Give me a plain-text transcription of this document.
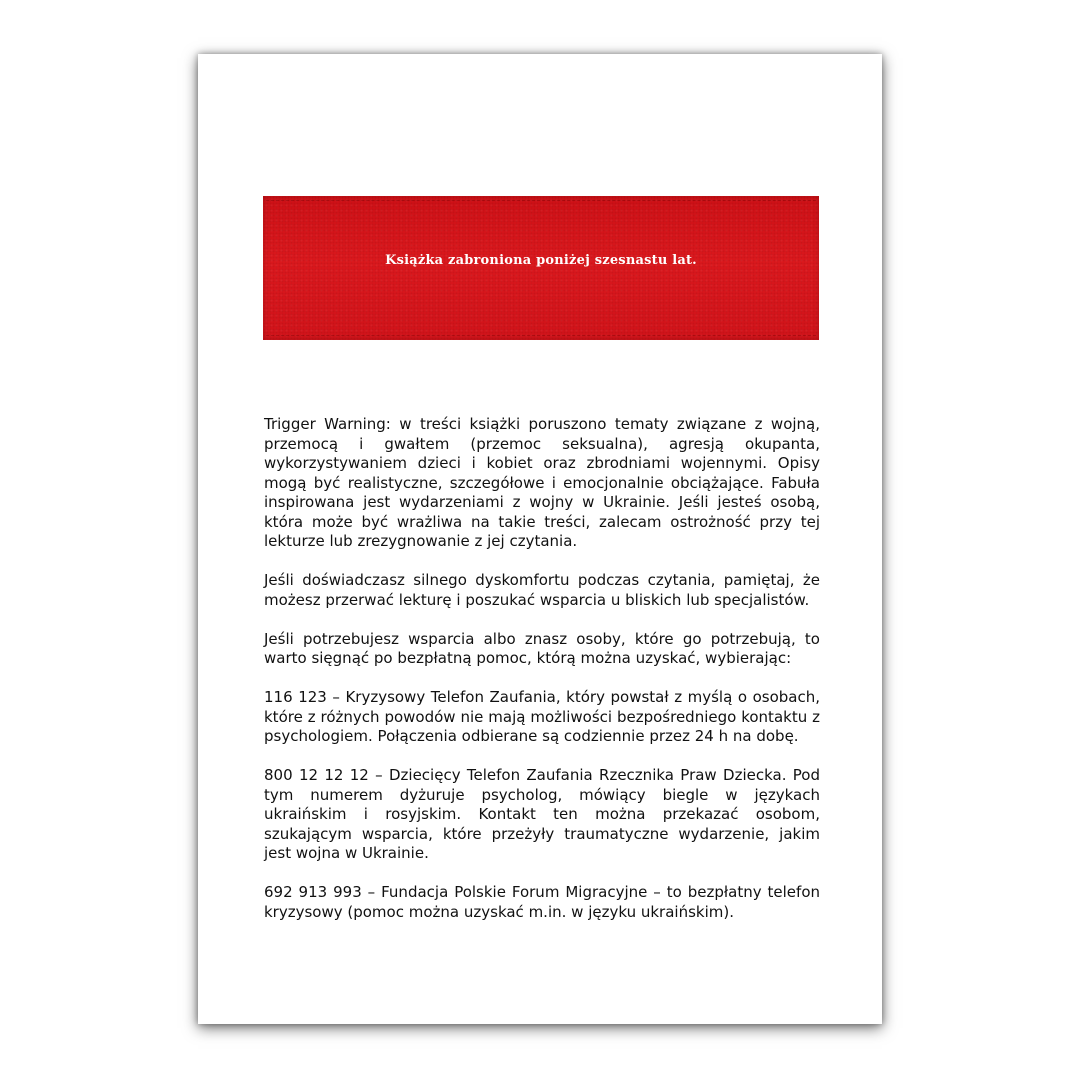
Książka zabroniona poniżej szesnastu lat.

Trigger Warning: w treści książki poruszono tematy związane z wojną, przemocą i gwałtem (przemoc seksualna), agresją okupanta, wykorzystywaniem dzieci i kobiet oraz zbrodniami wojennymi. Opisy mogą być realistyczne, szczegółowe i emocjonalnie obciążające. Fabuła inspirowana jest wydarzeniami z wojny w Ukrainie. Jeśli jesteś osobą, która może być wrażliwa na takie treści, zalecam ostrożność przy tej lekturze lub zrezygnowanie z jej czytania.

Jeśli doświadczasz silnego dyskomfortu podczas czytania, pamiętaj, że możesz przerwać lekturę i poszukać wsparcia u bliskich lub specjalistów.

Jeśli potrzebujesz wsparcia albo znasz osoby, które go potrzebują, to warto sięgnąć po bezpłatną pomoc, którą można uzyskać, wybierając:

116 123 – Kryzysowy Telefon Zaufania, który powstał z myślą o osobach, które z różnych powodów nie mają możliwości bezpośredniego kontaktu z psychologiem. Połączenia odbierane są codziennie przez 24 h na dobę.

800 12 12 12 – Dziecięcy Telefon Zaufania Rzecznika Praw Dziecka. Pod tym numerem dyżuruje psycholog, mówiący biegle w językach ukraińskim i rosyjskim. Kontakt ten można przekazać osobom, szukającym wsparcia, które przeżyły traumatyczne wydarzenie, jakim jest wojna w Ukrainie.

692 913 993 – Fundacja Polskie Forum Migracyjne – to bezpłatny telefon kryzysowy (pomoc można uzyskać m.in. w języku ukraińskim).
